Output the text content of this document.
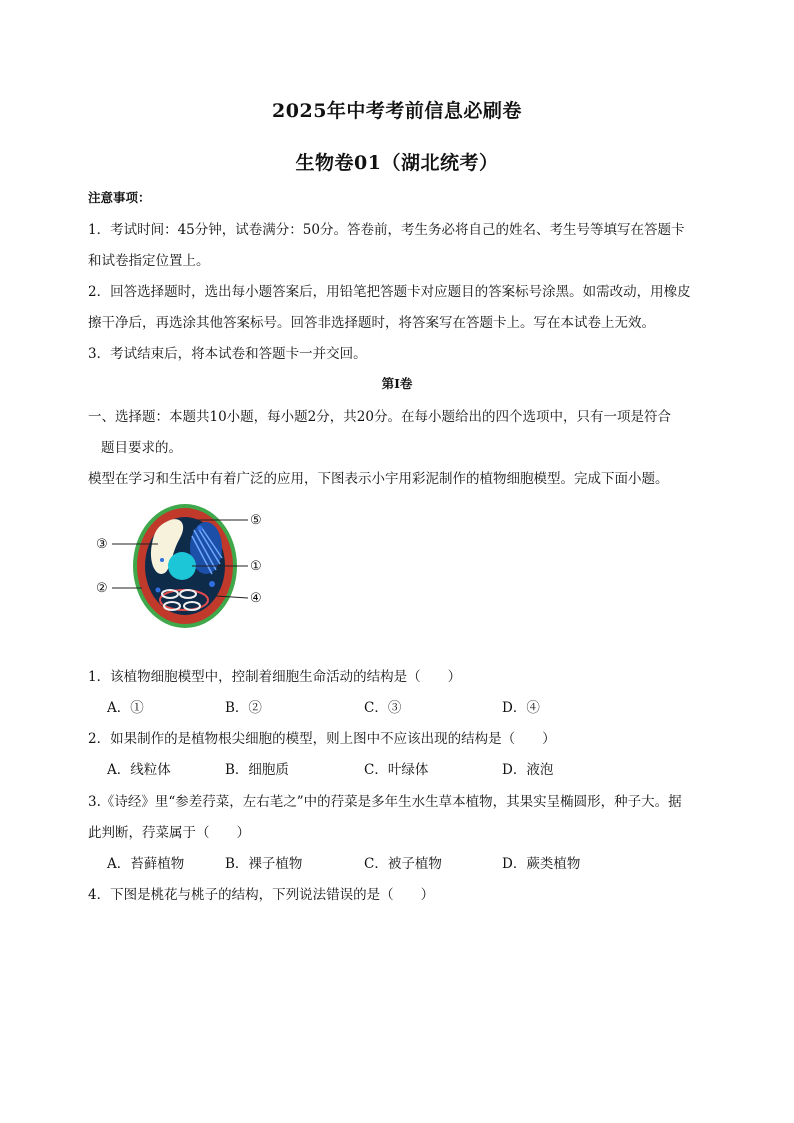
2025年中考考前信息必刷卷
生物卷01（湖北统考）
注意事项：
1．考试时间：45分钟，试卷满分：50分。答卷前，考生务必将自己的姓名、考生号等填写在答题卡
和试卷指定位置上。
2．回答选择题时，选出每小题答案后，用铅笔把答题卡对应题目的答案标号涂黑。如需改动，用橡皮
擦干净后，再选涂其他答案标号。回答非选择题时，将答案写在答题卡上。写在本试卷上无效。
3．考试结束后，将本试卷和答题卡一并交回。
第Ⅰ卷
一、选择题：本题共10小题，每小题2分，共20分。在每小题给出的四个选项中，只有一项是符合
题目要求的。
模型在学习和生活中有着广泛的应用，下图表示小宇用彩泥制作的植物细胞模型。完成下面小题。
③
②
⑤
①
④
1．该植物细胞模型中，控制着细胞生命活动的结构是（　　）
A．①	B．②	C．③	D．④
2．如果制作的是植物根尖细胞的模型，则上图中不应该出现的结构是（　　）
A．线粒体	B．细胞质	C．叶绿体	D．液泡
3.《诗经》里“参差荇菜，左右芼之”中的荇菜是多年生水生草本植物，其果实呈椭圆形，种子大。据
此判断，荇菜属于（　　）
A．苔藓植物	B．裸子植物	C．被子植物	D．蕨类植物
4．下图是桃花与桃子的结构，下列说法错误的是（　　）
